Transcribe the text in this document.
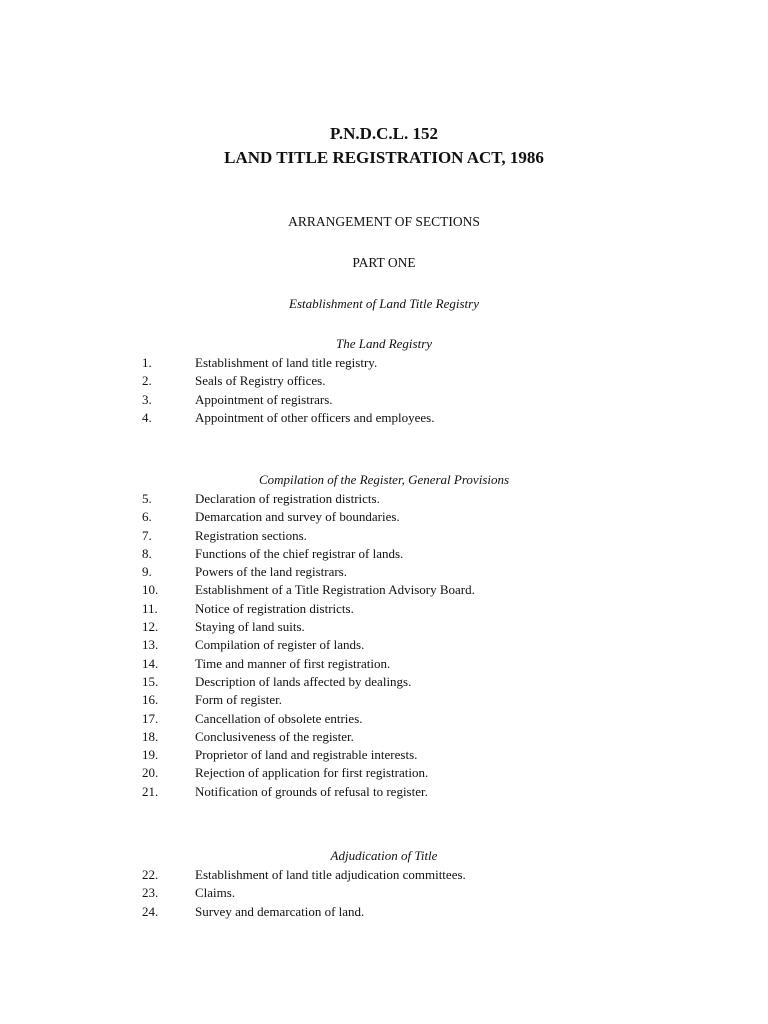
P.N.D.C.L. 152
LAND TITLE REGISTRATION ACT, 1986
ARRANGEMENT OF SECTIONS
PART ONE
Establishment of Land Title Registry
The Land Registry
1.	Establishment of land title registry.
2.	Seals of Registry offices.
3.	Appointment of registrars.
4.	Appointment of other officers and employees.
Compilation of the Register, General Provisions
5.	Declaration of registration districts.
6.	Demarcation and survey of boundaries.
7.	Registration sections.
8.	Functions of the chief registrar of lands.
9.	Powers of the land registrars.
10.	Establishment of a Title Registration Advisory Board.
11.	Notice of registration districts.
12.	Staying of land suits.
13.	Compilation of register of lands.
14.	Time and manner of first registration.
15.	Description of lands affected by dealings.
16.	Form of register.
17.	Cancellation of obsolete entries.
18.	Conclusiveness of the register.
19.	Proprietor of land and registrable interests.
20.	Rejection of application for first registration.
21.	Notification of grounds of refusal to register.
Adjudication of Title
22.	Establishment of land title adjudication committees.
23.	Claims.
24.	Survey and demarcation of land.
